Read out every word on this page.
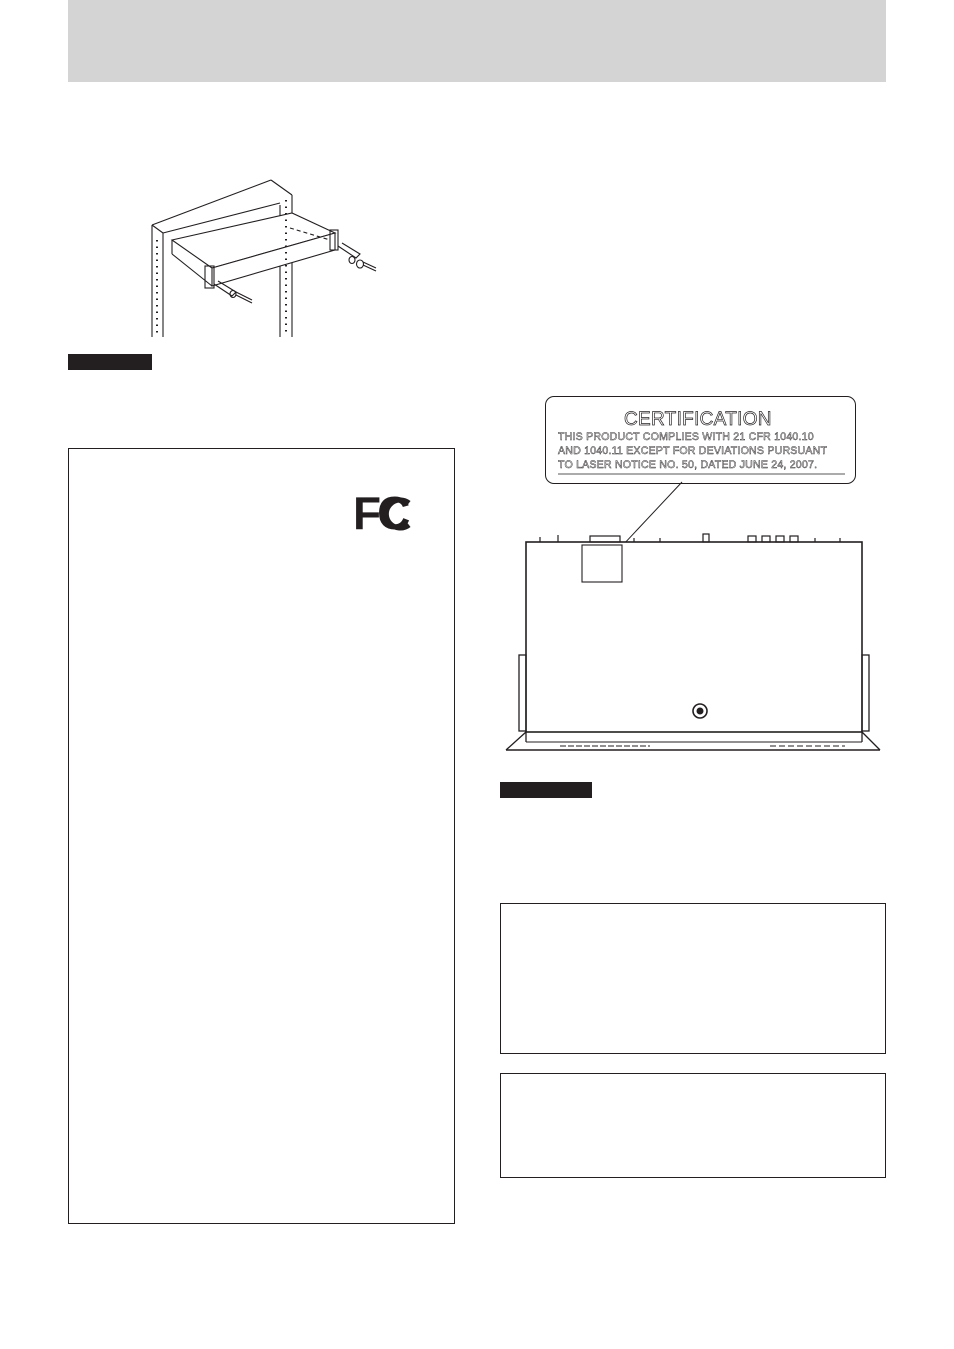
FC
CERTIFICATION
THIS PRODUCT COMPLIES WITH 21 CFR 1040.10
AND 1040.11 EXCEPT FOR DEVIATIONS PURSUANT
TO LASER NOTICE NO. 50, DATED JUNE 24, 2007.
